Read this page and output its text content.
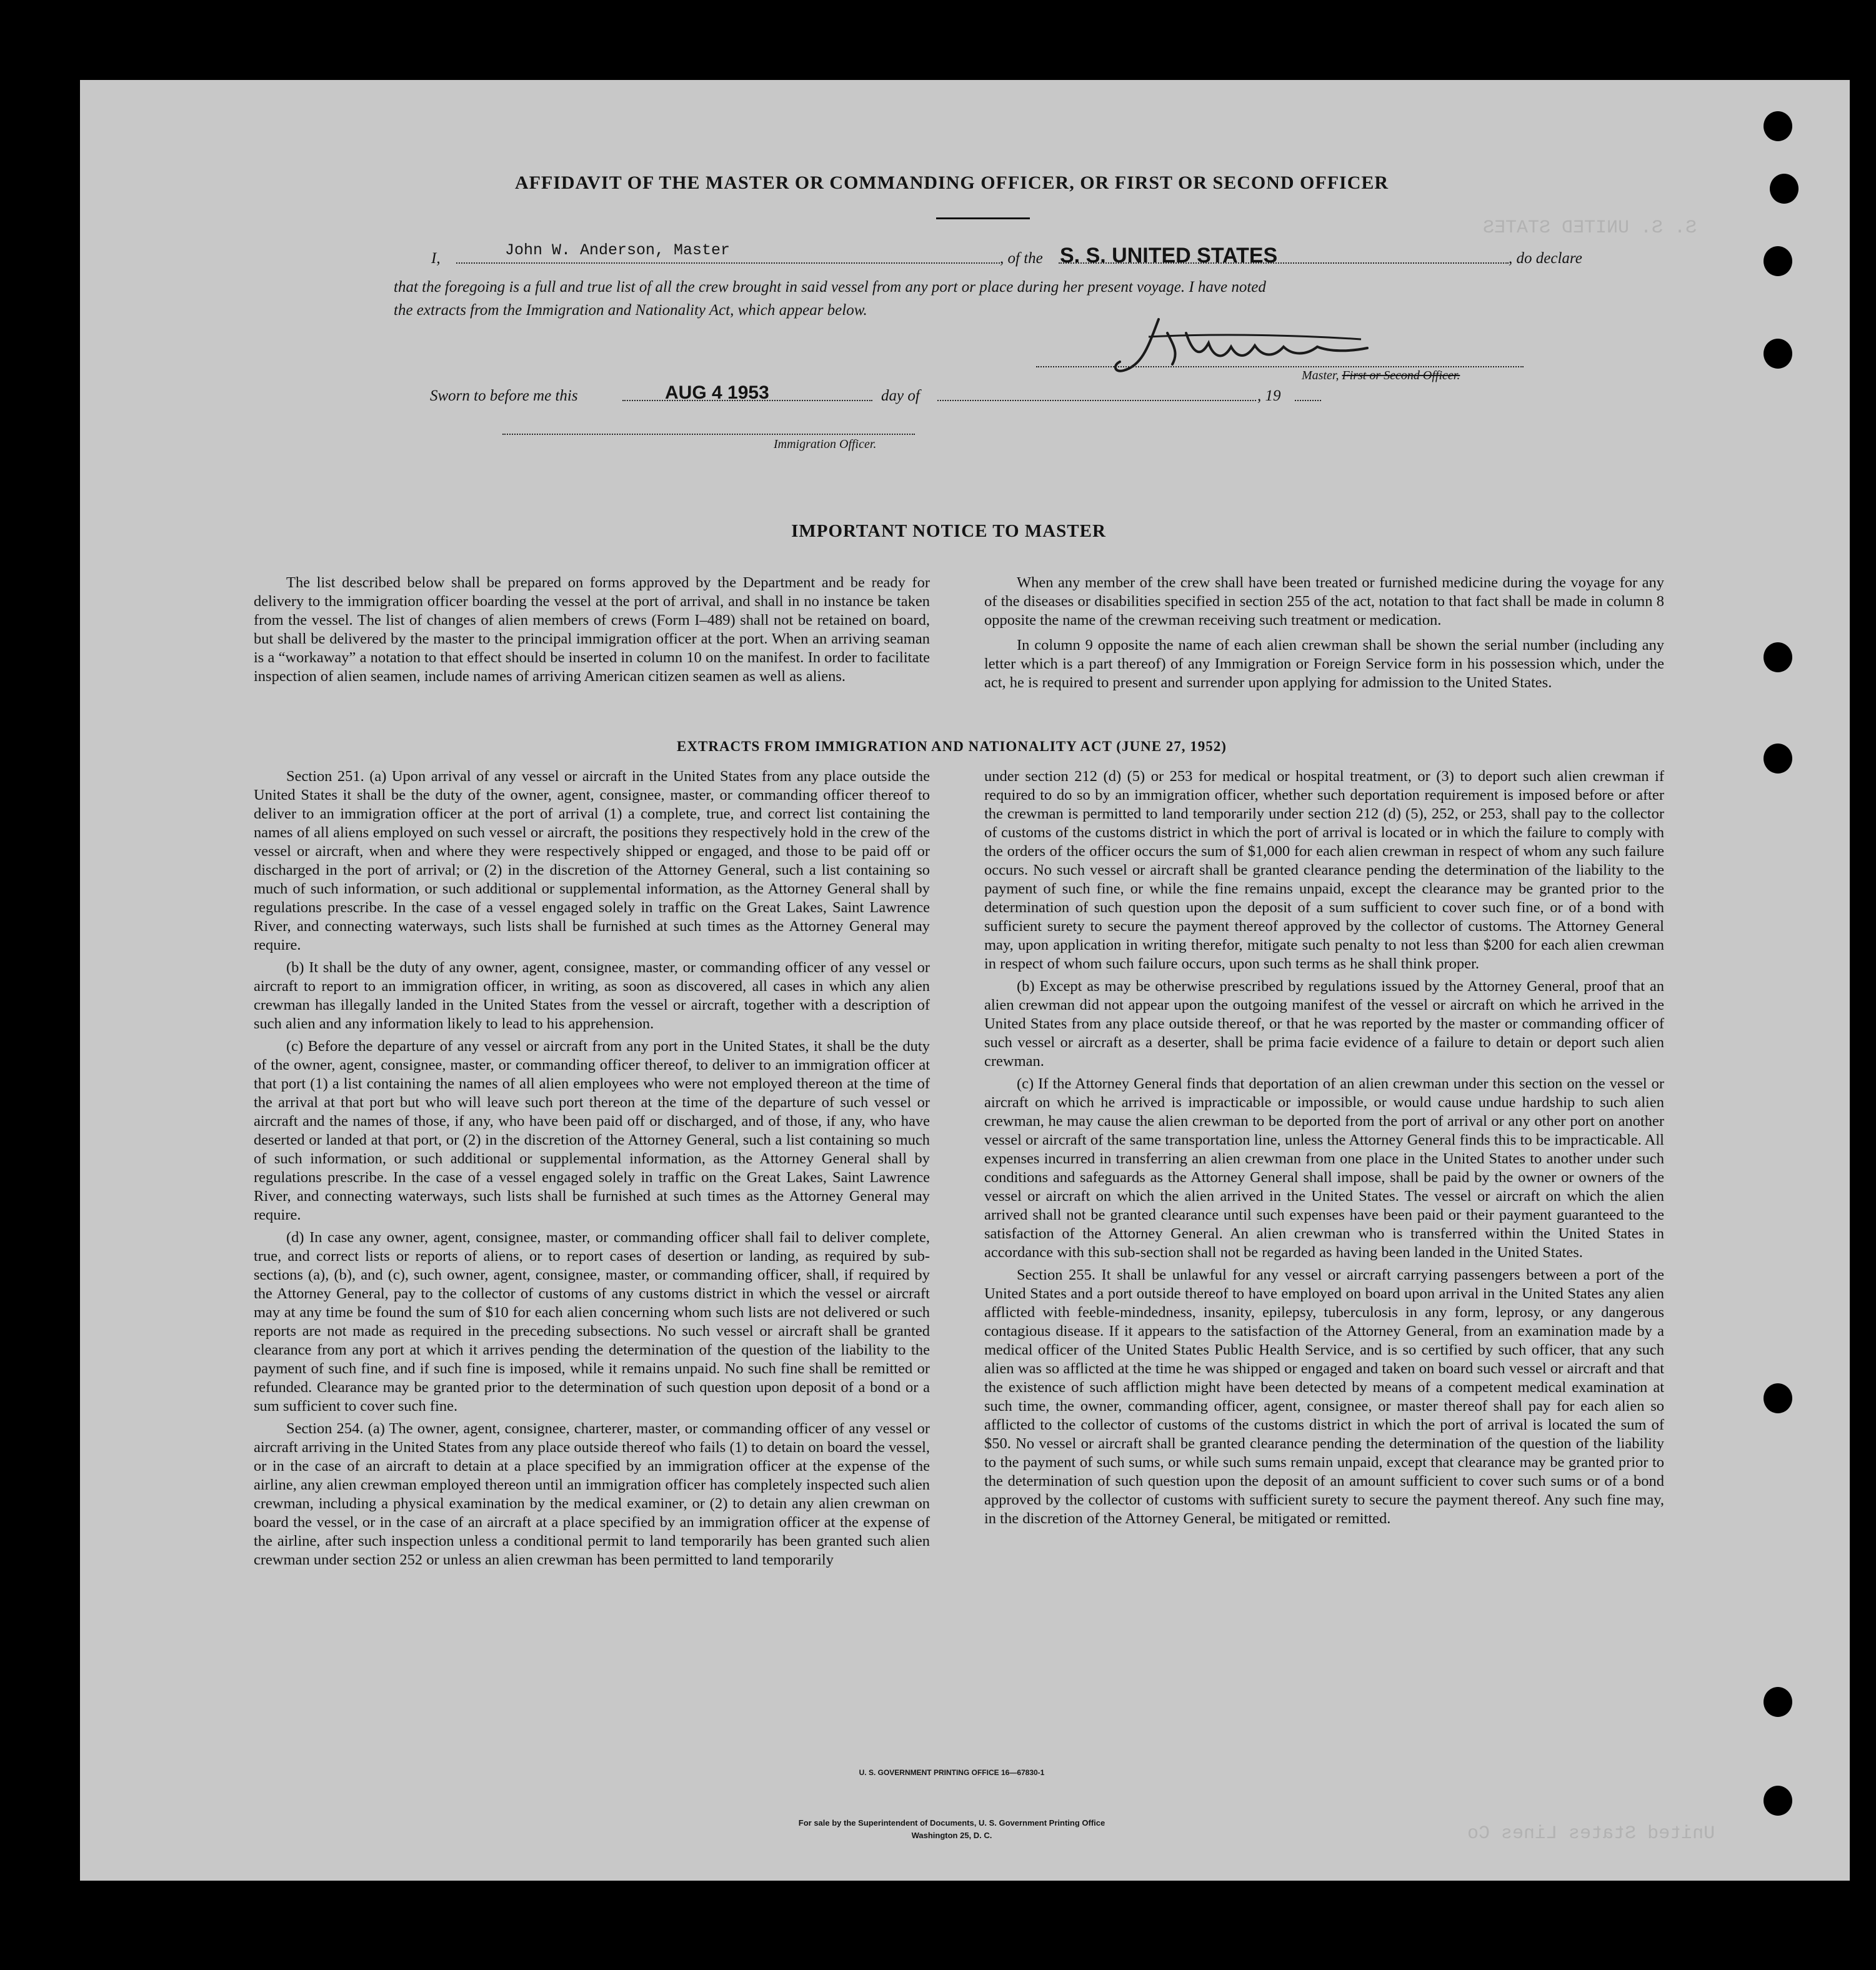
S. S. UNITED STATES
United States Lines Co
AFFIDAVIT OF THE MASTER OR COMMANDING OFFICER, OR FIRST OR SECOND OFFICER
I,	John W. Anderson, Master	, of the S. S. UNITED STATES	, do declare
that the foregoing is a full and true list of all the crew brought in said vessel from any port or place during her present voyage. I have noted
the extracts from the Immigration and Nationality Act, which appear below.
Master, First or Second Officer.
Sworn to before me this	AUG 4 1953	day of	, 19
Immigration Officer.
IMPORTANT NOTICE TO MASTER

The list described below shall be prepared on forms approved by the Department and be ready for delivery to the immigration officer boarding the vessel at the port of arrival, and shall in no instance be taken from the vessel. The list of changes of alien members of crews (Form I–489) shall not be retained on board, but shall be delivered by the master to the principal immigration officer at the port. When an arriving seaman is a “workaway” a notation to that effect should be inserted in column 10 on the manifest. In order to facilitate inspection of alien seamen, include names of arriving American citizen seamen as well as aliens.

When any member of the crew shall have been treated or furnished medicine during the voyage for any of the diseases or disabilities specified in section 255 of the act, notation to that fact shall be made in column 8 opposite the name of the crewman receiving such treatment or medication.

In column 9 opposite the name of each alien crewman shall be shown the serial number (including any letter which is a part thereof) of any Immigration or Foreign Service form in his possession which, under the act, he is required to present and surrender upon applying for admission to the United States.

EXTRACTS FROM IMMIGRATION AND NATIONALITY ACT (JUNE 27, 1952)

Section 251. (a) Upon arrival of any vessel or aircraft in the United States from any place outside the United States it shall be the duty of the owner, agent, consignee, master, or commanding officer thereof to deliver to an immigration officer at the port of arrival (1) a complete, true, and correct list containing the names of all aliens employed on such vessel or aircraft, the positions they respectively hold in the crew of the vessel or aircraft, when and where they were respectively shipped or engaged, and those to be paid off or discharged in the port of arrival; or (2) in the discretion of the Attorney General, such a list containing so much of such information, or such additional or supplemental information, as the Attorney General shall by regulations prescribe. In the case of a vessel engaged solely in traffic on the Great Lakes, Saint Lawrence River, and connecting waterways, such lists shall be furnished at such times as the Attorney General may require.

(b) It shall be the duty of any owner, agent, consignee, master, or commanding officer of any vessel or aircraft to report to an immigration officer, in writing, as soon as discovered, all cases in which any alien crewman has illegally landed in the United States from the vessel or aircraft, together with a description of such alien and any information likely to lead to his apprehension.

(c) Before the departure of any vessel or aircraft from any port in the United States, it shall be the duty of the owner, agent, consignee, master, or commanding officer thereof, to deliver to an immigration officer at that port (1) a list containing the names of all alien employees who were not employed thereon at the time of the arrival at that port but who will leave such port thereon at the time of the departure of such vessel or aircraft and the names of those, if any, who have been paid off or discharged, and of those, if any, who have deserted or landed at that port, or (2) in the discretion of the Attorney General, such a list containing so much of such information, or such additional or supplemental information, as the Attorney General shall by regulations prescribe. In the case of a vessel engaged solely in traffic on the Great Lakes, Saint Lawrence River, and connecting waterways, such lists shall be furnished at such times as the Attorney General may require.

(d) In case any owner, agent, consignee, master, or commanding officer shall fail to deliver complete, true, and correct lists or reports of aliens, or to report cases of desertion or landing, as required by sub-sections (a), (b), and (c), such owner, agent, consignee, master, or commanding officer, shall, if required by the Attorney General, pay to the collector of customs of any customs district in which the vessel or aircraft may at any time be found the sum of $10 for each alien concerning whom such lists are not delivered or such reports are not made as required in the preceding subsections. No such vessel or aircraft shall be granted clearance from any port at which it arrives pending the determination of the question of the liability to the payment of such fine, and if such fine is imposed, while it remains unpaid. No such fine shall be remitted or refunded. Clearance may be granted prior to the determination of such question upon deposit of a bond or a sum sufficient to cover such fine.

Section 254. (a) The owner, agent, consignee, charterer, master, or commanding officer of any vessel or aircraft arriving in the United States from any place outside thereof who fails (1) to detain on board the vessel, or in the case of an aircraft to detain at a place specified by an immigration officer at the expense of the airline, any alien crewman employed thereon until an immigration officer has completely inspected such alien crewman, including a physical examination by the medical examiner, or (2) to detain any alien crewman on board the vessel, or in the case of an aircraft at a place specified by an immigration officer at the expense of the airline, after such inspection unless a conditional permit to land temporarily has been granted such alien crewman under section 252 or unless an alien crewman has been permitted to land temporarily

under section 212 (d) (5) or 253 for medical or hospital treatment, or (3) to deport such alien crewman if required to do so by an immigration officer, whether such deportation requirement is imposed before or after the crewman is permitted to land temporarily under section 212 (d) (5), 252, or 253, shall pay to the collector of customs of the customs district in which the port of arrival is located or in which the failure to comply with the orders of the officer occurs the sum of $1,000 for each alien crewman in respect of whom any such failure occurs. No such vessel or aircraft shall be granted clearance pending the determination of the liability to the payment of such fine, or while the fine remains unpaid, except the clearance may be granted prior to the determination of such question upon the deposit of a sum sufficient to cover such fine, or of a bond with sufficient surety to secure the payment thereof approved by the collector of customs. The Attorney General may, upon application in writing therefor, mitigate such penalty to not less than $200 for each alien crewman in respect of whom such failure occurs, upon such terms as he shall think proper.

(b) Except as may be otherwise prescribed by regulations issued by the Attorney General, proof that an alien crewman did not appear upon the outgoing manifest of the vessel or aircraft on which he arrived in the United States from any place outside thereof, or that he was reported by the master or commanding officer of such vessel or aircraft as a deserter, shall be prima facie evidence of a failure to detain or deport such alien crewman.

(c) If the Attorney General finds that deportation of an alien crewman under this section on the vessel or aircraft on which he arrived is impracticable or impossible, or would cause undue hardship to such alien crewman, he may cause the alien crewman to be deported from the port of arrival or any other port on another vessel or aircraft of the same transportation line, unless the Attorney General finds this to be impracticable. All expenses incurred in transferring an alien crewman from one place in the United States to another under such conditions and safeguards as the Attorney General shall impose, shall be paid by the owner or owners of the vessel or aircraft on which the alien arrived in the United States. The vessel or aircraft on which the alien arrived shall not be granted clearance until such expenses have been paid or their payment guaranteed to the satisfaction of the Attorney General. An alien crewman who is transferred within the United States in accordance with this sub-section shall not be regarded as having been landed in the United States.

Section 255. It shall be unlawful for any vessel or aircraft carrying passengers between a port of the United States and a port outside thereof to have employed on board upon arrival in the United States any alien afflicted with feeble-mindedness, insanity, epilepsy, tuberculosis in any form, leprosy, or any dangerous contagious disease. If it appears to the satisfaction of the Attorney General, from an examination made by a medical officer of the United States Public Health Service, and is so certified by such officer, that any such alien was so afflicted at the time he was shipped or engaged and taken on board such vessel or aircraft and that the existence of such affliction might have been detected by means of a competent medical examination at such time, the owner, commanding officer, agent, consignee, or master thereof shall pay for each alien so afflicted to the collector of customs of the customs district in which the port of arrival is located the sum of $50. No vessel or aircraft shall be granted clearance pending the determination of the question of the liability to the payment of such sums, or while such sums remain unpaid, except that clearance may be granted prior to the determination of such question upon the deposit of an amount sufficient to cover such sums or of a bond approved by the collector of customs with sufficient surety to secure the payment thereof. Any such fine may, in the discretion of the Attorney General, be mitigated or remitted.

U. S. GOVERNMENT PRINTING OFFICE 16—67830-1
For sale by the Superintendent of Documents, U. S. Government Printing Office
Washington 25, D. C.
